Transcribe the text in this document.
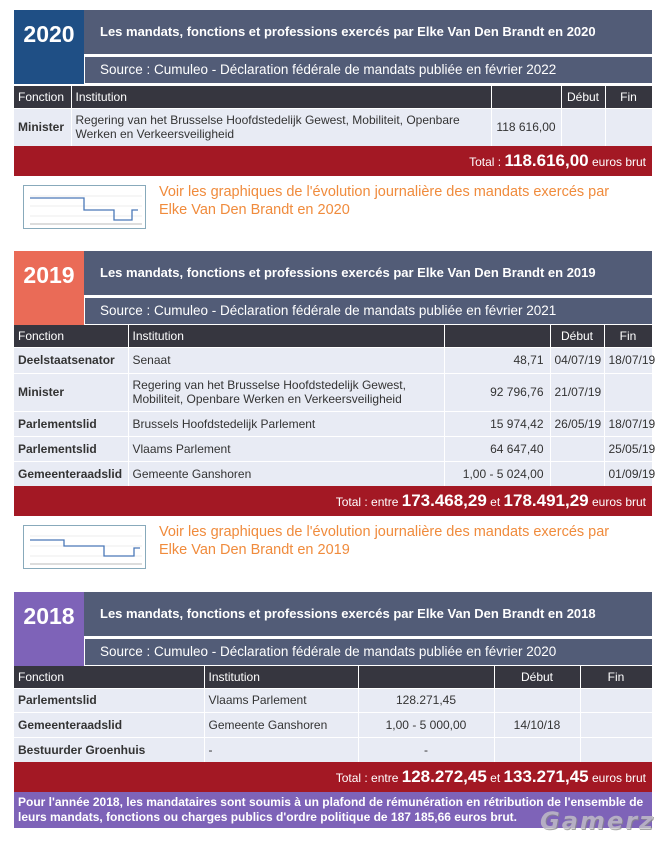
2020	Les mandats, fonctions et professions exercés par Elke Van Den Brandt en 2020
Source : Cumuleo - Déclaration fédérale de mandats publiée en février 2022
Fonction	Institution		Début	Fin
Minister	Regering van het Brusselse Hoofdstedelijk Gewest, Mobiliteit, Openbare Werken en Verkeersveiligheid	118 616,00		
Total : 118.616,00 euros brut
Voir les graphiques de l'évolution journalière des mandats exercés par Elke Van Den Brandt en 2020
2019	Les mandats, fonctions et professions exercés par Elke Van Den Brandt en 2019
Source : Cumuleo - Déclaration fédérale de mandats publiée en février 2021
Fonction	Institution		Début	Fin
Deelstaatsenator	Senaat	48,71	04/07/19	18/07/19
Minister	Regering van het Brusselse Hoofdstedelijk Gewest, Mobiliteit, Openbare Werken en Verkeersveiligheid	92 796,76	21/07/19	
Parlementslid	Brussels Hoofdstedelijk Parlement	15 974,42	26/05/19	18/07/19
Parlementslid	Vlaams Parlement	64 647,40		25/05/19
Gemeenteraadslid	Gemeente Ganshoren	1,00 - 5 024,00		01/09/19
Total : entre 173.468,29 et 178.491,29 euros brut
Voir les graphiques de l'évolution journalière des mandats exercés par Elke Van Den Brandt en 2019
2018	Les mandats, fonctions et professions exercés par Elke Van Den Brandt en 2018
Source : Cumuleo - Déclaration fédérale de mandats publiée en février 2020
Fonction	Institution		Début	Fin
Parlementslid	Vlaams Parlement	128.271,45		
Gemeenteraadslid	Gemeente Ganshoren	1,00 - 5 000,00	14/10/18	
Bestuurder Groenhuis	-	-		
Total : entre 128.272,45 et 133.271,45 euros brut
Pour l'année 2018, les mandataires sont soumis à un plafond de rémunération en rétribution de l'ensemble de leurs mandats, fonctions ou charges publics d'ordre politique de 187 185,66 euros brut. Gamerz
